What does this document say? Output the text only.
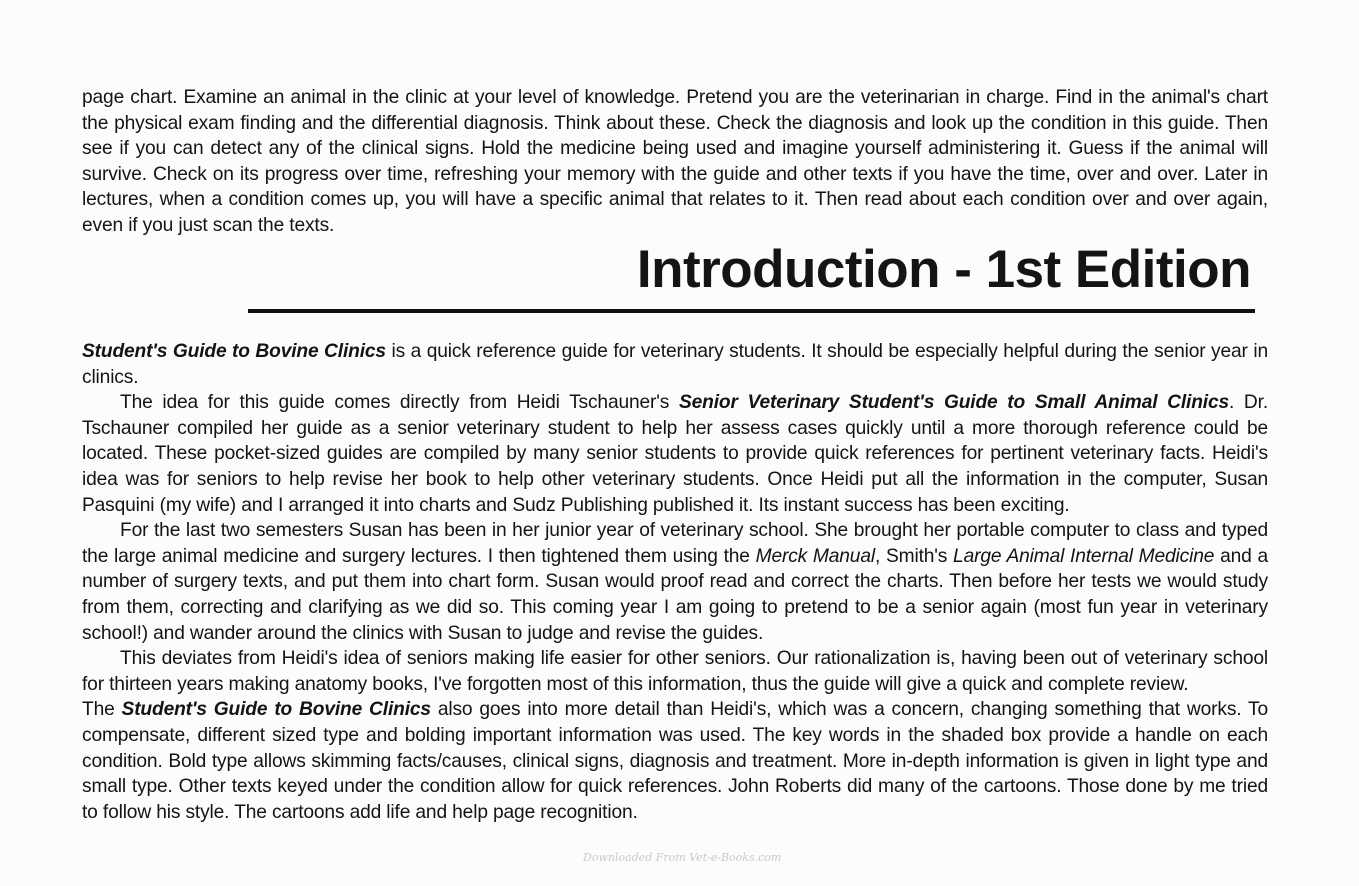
page chart. Examine an animal in the clinic at your level of knowledge. Pretend you are the veterinarian in charge. Find in the animal's chart the physical exam finding and the differential diagnosis. Think about these. Check the diagnosis and look up the condition in this guide. Then see if you can detect any of the clinical signs. Hold the medicine being used and imagine yourself administering it. Guess if the animal will survive. Check on its progress over time, refreshing your memory with the guide and other texts if you have the time, over and over. Later in lectures, when a condition comes up, you will have a specific animal that relates to it. Then read about each condition over and over again, even if you just scan the texts.

Introduction - 1st Edition

Student's Guide to Bovine Clinics is a quick reference guide for veterinary students. It should be especially helpful during the senior year in clinics.

The idea for this guide comes directly from Heidi Tschauner's Senior Veterinary Student's Guide to Small Animal Clinics. Dr. Tschauner compiled her guide as a senior veterinary student to help her assess cases quickly until a more thorough reference could be located. These pocket-sized guides are compiled by many senior students to provide quick references for pertinent veterinary facts. Heidi's idea was for seniors to help revise her book to help other veterinary students. Once Heidi put all the information in the computer, Susan Pasquini (my wife) and I arranged it into charts and Sudz Publishing published it. Its instant success has been exciting.

For the last two semesters Susan has been in her junior year of veterinary school. She brought her portable computer to class and typed the large animal medicine and surgery lectures. I then tightened them using the Merck Manual, Smith's Large Animal Internal Medicine and a number of surgery texts, and put them into chart form. Susan would proof read and correct the charts. Then before her tests we would study from them, correcting and clarifying as we did so. This coming year I am going to pretend to be a senior again (most fun year in veterinary school!) and wander around the clinics with Susan to judge and revise the guides.

This deviates from Heidi's idea of seniors making life easier for other seniors. Our rationalization is, having been out of veterinary school for thirteen years making anatomy books, I've forgotten most of this information, thus the guide will give a quick and complete review.

The Student's Guide to Bovine Clinics also goes into more detail than Heidi's, which was a concern, changing something that works. To compensate, different sized type and bolding important information was used. The key words in the shaded box provide a handle on each condition. Bold type allows skimming facts/causes, clinical signs, diagnosis and treatment. More in-depth information is given in light type and small type. Other texts keyed under the condition allow for quick references. John Roberts did many of the cartoons. Those done by me tried to follow his style. The cartoons add life and help page recognition.

Downloaded From Vet-e-Books.com
